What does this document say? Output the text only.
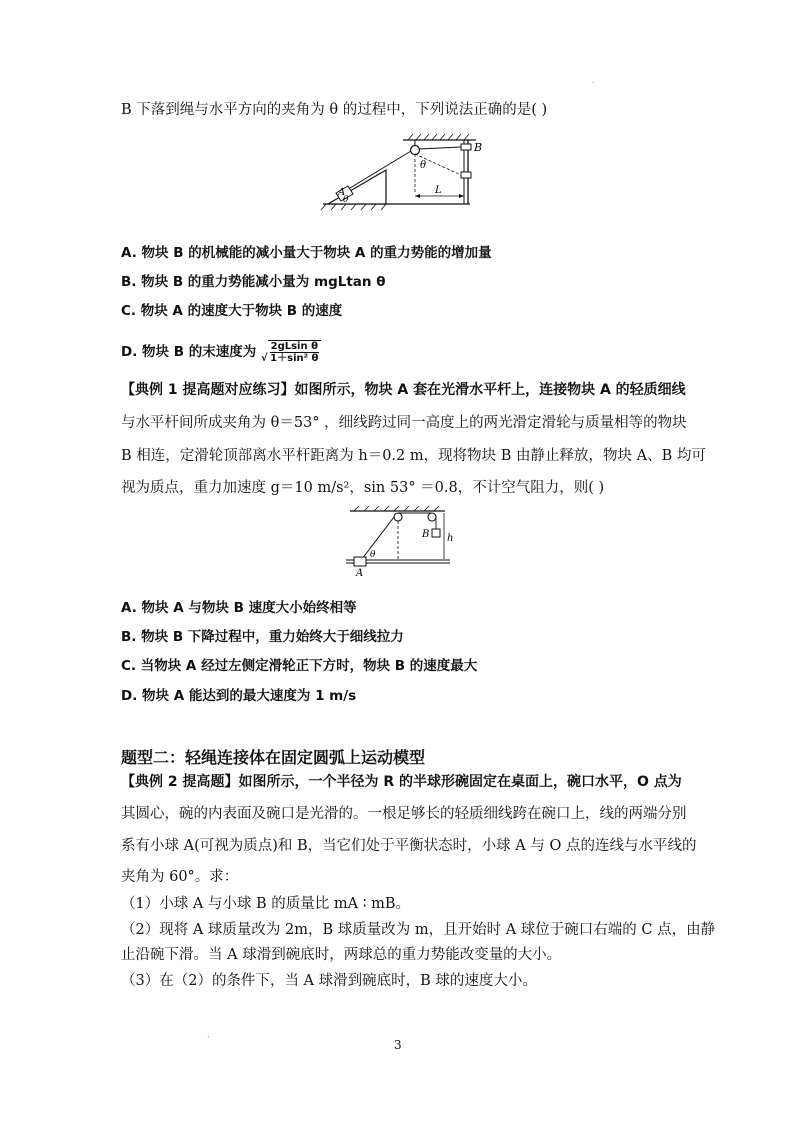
.
B 下落到绳与水平方向的夹角为 θ 的过程中，下列说法正确的是( )
B
θ
A
θ
L
A. 物块 B 的机械能的减小量大于物块 A 的重力势能的增加量
B. 物块 B 的重力势能减小量为 mgLtan θ
C. 物块 A 的速度大于物块 B 的速度
D. 物块 B 的末速度为 √ $\frac{\text{2gLsin θ}}{\text{1＋sin² θ}}$
【典例 1 提高题对应练习】如图所示，物块 A 套在光滑水平杆上，连接物块 A 的轻质细线
与水平杆间所成夹角为 θ＝53° ，细线跨过同一高度上的两光滑定滑轮与质量相等的物块
B 相连，定滑轮顶部离水平杆距离为 h＝0.2 m，现将物块 B 由静止释放，物块 A、B 均可
视为质点，重力加速度 g＝10 m/s²，sin 53° ＝0.8，不计空气阻力，则( )
B h
θ
A
A. 物块 A 与物块 B 速度大小始终相等
B. 物块 B 下降过程中，重力始终大于细线拉力
C. 当物块 A 经过左侧定滑轮正下方时，物块 B 的速度最大
D. 物块 A 能达到的最大速度为 1 m/s
题型二：轻绳连接体在固定圆弧上运动模型
【典例 2 提高题】如图所示，一个半径为 R 的半球形碗固定在桌面上，碗口水平，O 点为
其圆心，碗的内表面及碗口是光滑的。一根足够长的轻质细线跨在碗口上，线的两端分别
系有小球 A(可视为质点)和 B，当它们处于平衡状态时，小球 A 与 O 点的连线与水平线的
夹角为 60°。求：
（1）小球 A 与小球 B 的质量比 mA ∶ mB。
（2）现将 A 球质量改为 2m，B 球质量改为 m，且开始时 A 球位于碗口右端的 C 点，由静
止沿碗下滑。当 A 球滑到碗底时，两球总的重力势能改变量的大小。
（3）在（2）的条件下，当 A 球滑到碗底时，B 球的速度大小。
.
3
